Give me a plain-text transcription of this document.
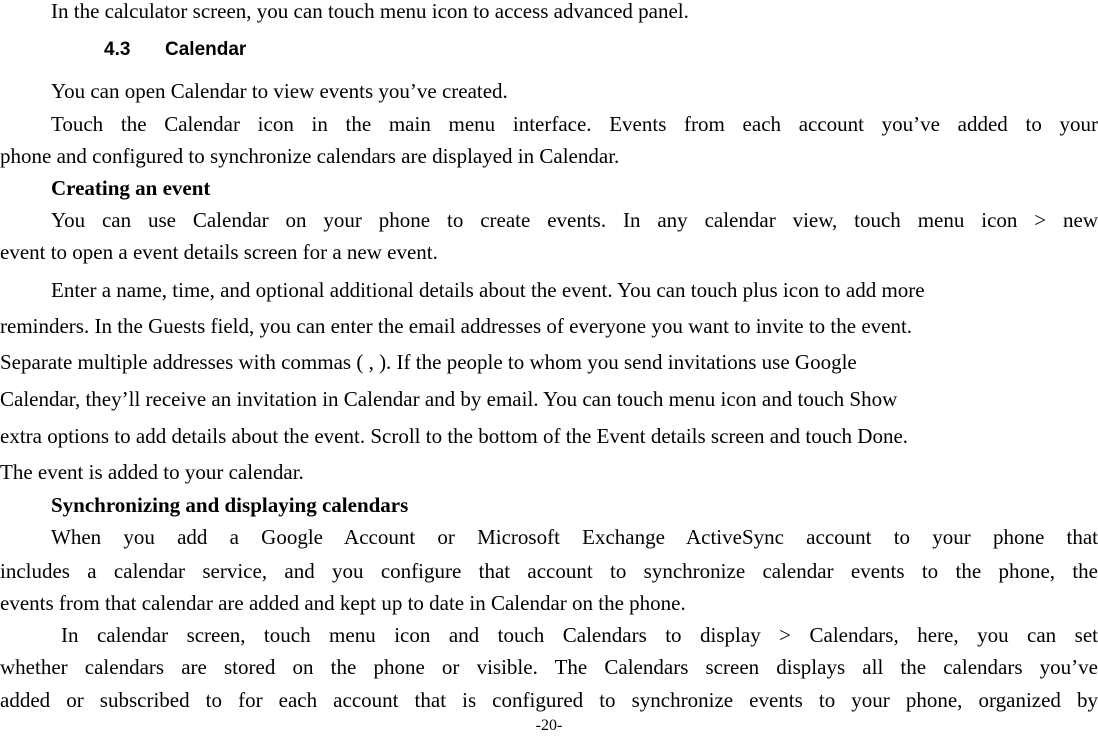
In the calculator screen, you can touch menu icon to access advanced panel.
4.3 Calendar
You can open Calendar to view events you’ve created.
Touch the Calendar icon in the main menu interface. Events from each account you’ve added to your
phone and configured to synchronize calendars are displayed in Calendar.
Creating an event
You can use Calendar on your phone to create events. In any calendar view, touch menu icon > new
event to open a event details screen for a new event.
Enter a name, time, and optional additional details about the event. You can touch plus icon to add more
reminders. In the Guests field, you can enter the email addresses of everyone you want to invite to the event.
Separate multiple addresses with commas ( , ). If the people to whom you send invitations use Google
Calendar, they’ll receive an invitation in Calendar and by email. You can touch menu icon and touch Show
extra options to add details about the event. Scroll to the bottom of the Event details screen and touch Done.
The event is added to your calendar.
Synchronizing and displaying calendars
When you add a Google Account or Microsoft Exchange ActiveSync account to your phone that
includes a calendar service, and you configure that account to synchronize calendar events to the phone, the
events from that calendar are added and kept up to date in Calendar on the phone.
In calendar screen, touch menu icon and touch Calendars to display > Calendars, here, you can set
whether calendars are stored on the phone or visible. The Calendars screen displays all the calendars you’ve
added or subscribed to for each account that is configured to synchronize events to your phone, organized by
-20-
